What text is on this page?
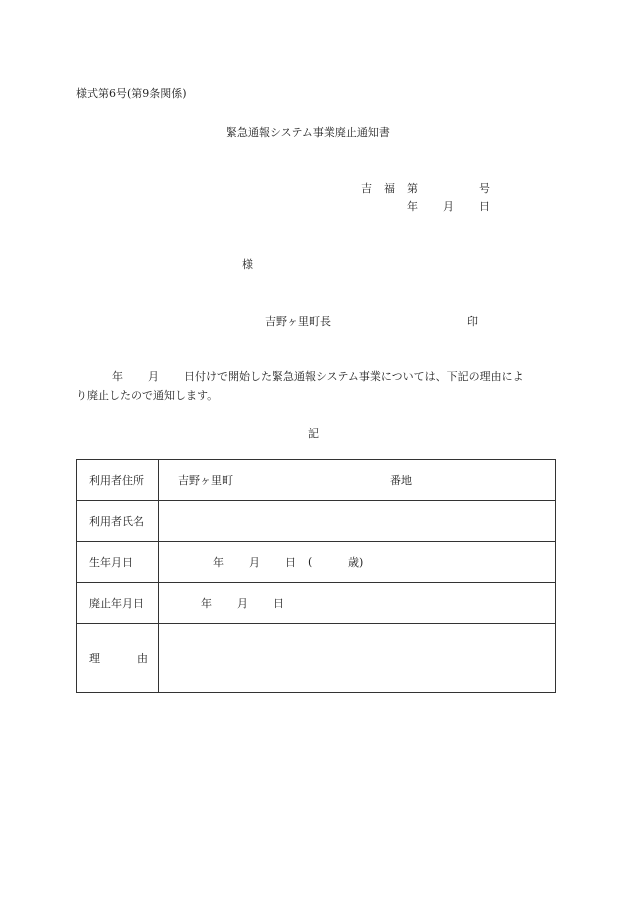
様式第6号(第9条関係)
緊急通報システム事業廃止通知書
吉 福 第	号
年 月 日
様
吉野ヶ里町長	印
年 月 日付けで開始した緊急通報システム事業については、下記の理由によ
り廃止したので通知します。
記
利用者住所	吉野ヶ里町 番地

利用者氏名	
生年月日	年 月 日 ( 歳)

廃止年月日	年 月 日

理 由	
